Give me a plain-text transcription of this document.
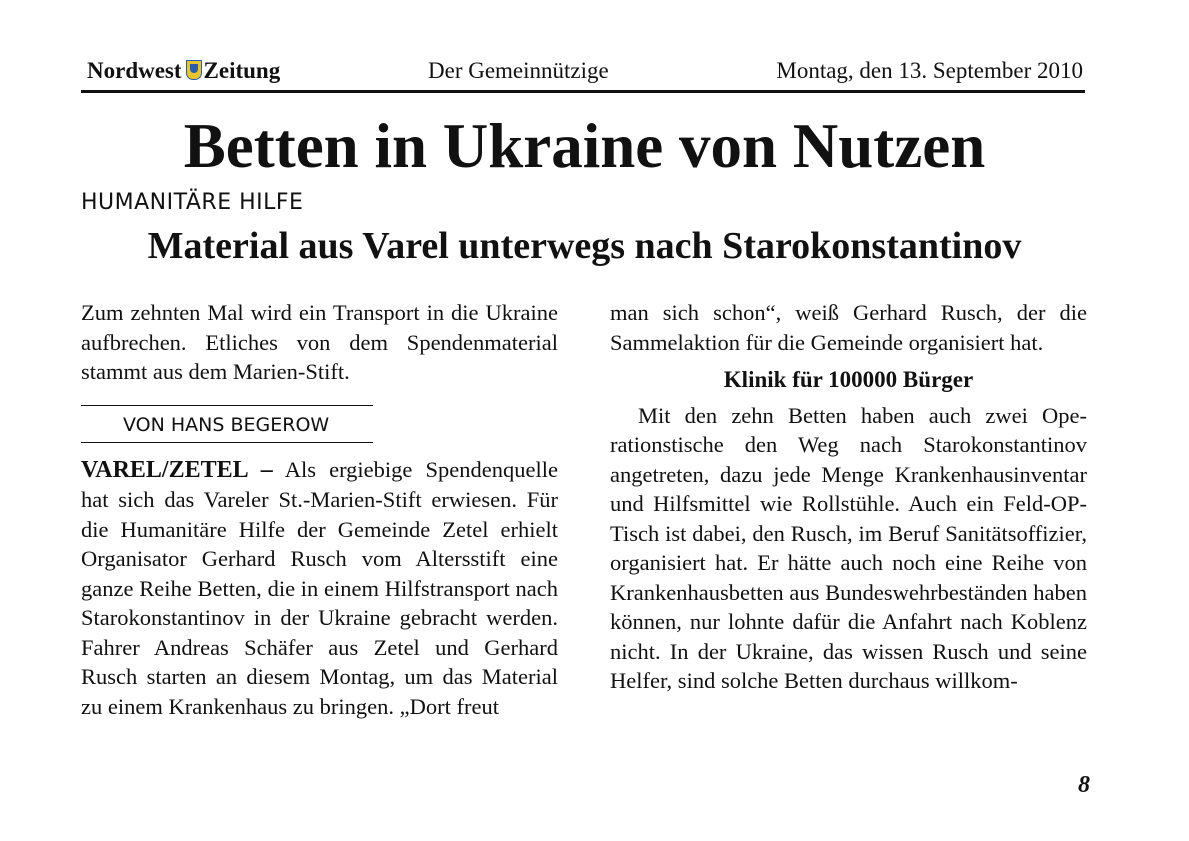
Nordwest Zeitung	Der Gemeinnützige	Montag, den 13. September 2010
Betten in Ukraine von Nutzen
HUMANITÄRE HILFE
Material aus Varel unterwegs nach Starokonstantinov

Zum zehnten Mal wird ein Transport in die Ukraine aufbrechen. Etliches von dem Spendenmaterial stammt aus dem Marien-Stift.

VON HANS BEGEROW

VAREL/ZETEL – Als ergiebige Spendenquelle hat sich das Vareler St.-Marien-Stift erwiesen. Für die Humanitäre Hilfe der Gemeinde Zetel erhielt Organisator Gerhard Rusch vom Altersstift eine ganze Reihe Betten, die in einem Hilfstransport nach Starokonstantinov in der Ukraine gebracht werden. Fahrer Andreas Schäfer aus Zetel und Gerhard Rusch starten an diesem Montag, um das Material zu einem Krankenhaus zu bringen. „Dort freut

man sich schon“, weiß Gerhard Rusch, der die Sammelaktion für die Gemeinde organisiert hat.

Klinik für 100000 Bürger

Mit den zehn Betten haben auch zwei Operationstische den Weg nach Starokonstantinov angetreten, dazu jede Menge Krankenhausinventar und Hilfsmittel wie Rollstühle. Auch ein Feld-OP-Tisch ist dabei, den Rusch, im Beruf Sanitätsoffizier, organisiert hat. Er hätte auch noch eine Reihe von Krankenhausbetten aus Bundeswehrbeständen haben können, nur lohnte dafür die Anfahrt nach Koblenz nicht. In der Ukraine, das wissen Rusch und seine Helfer, sind solche Betten durchaus willkom-

8
